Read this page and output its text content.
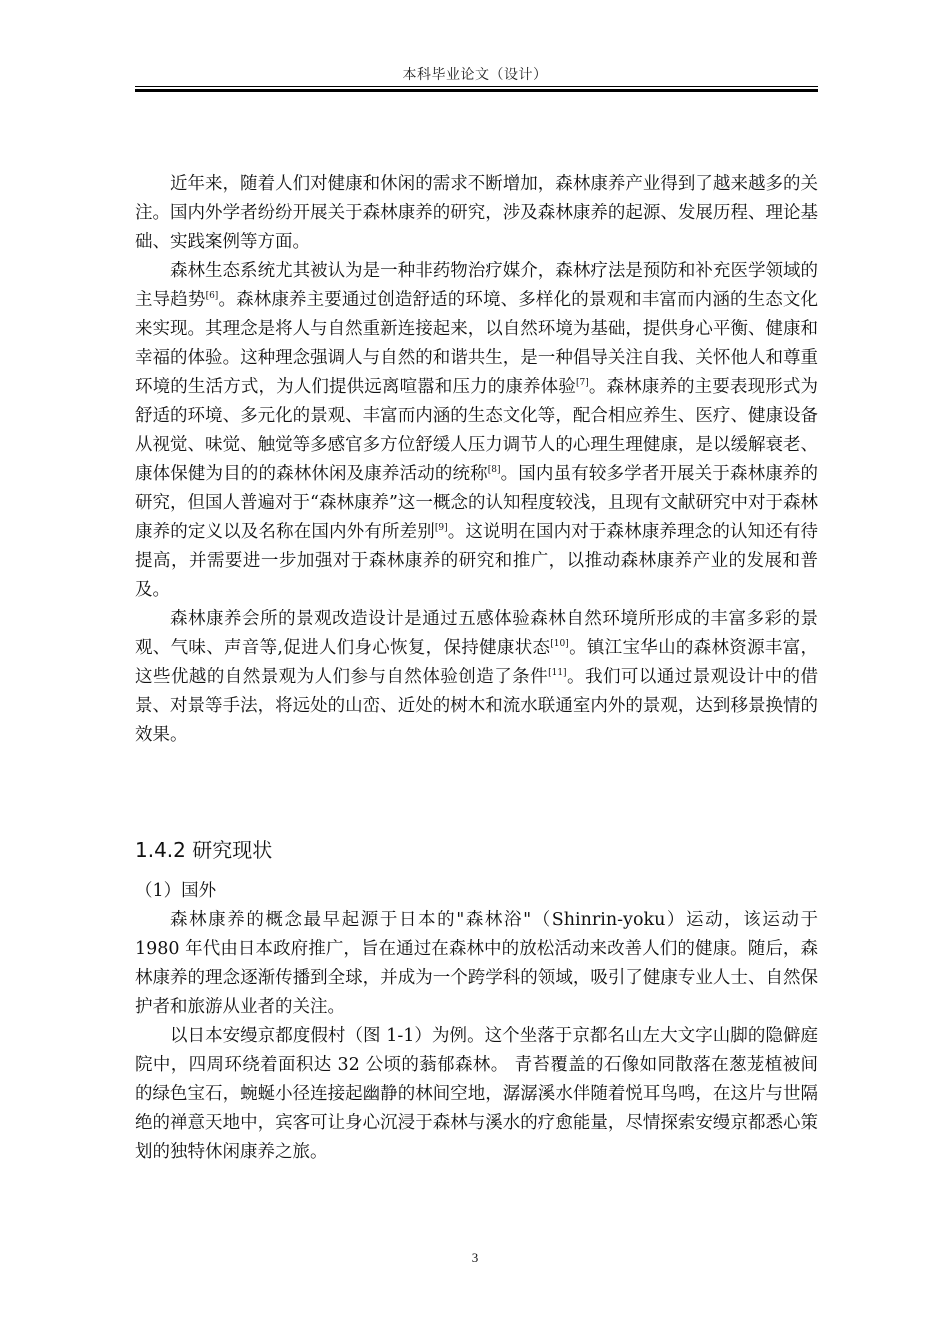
本科毕业论文（设计）

近年来，随着人们对健康和休闲的需求不断增加，森林康养产业得到了越来越多的关注。国内外学者纷纷开展关于森林康养的研究，涉及森林康养的起源、发展历程、理论基础、实践案例等方面。

森林生态系统尤其被认为是一种非药物治疗媒介，森林疗法是预防和补充医学领域的主导趋势[6]。森林康养主要通过创造舒适的环境、多样化的景观和丰富而内涵的生态文化来实现。其理念是将人与自然重新连接起来，以自然环境为基础，提供身心平衡、健康和幸福的体验。这种理念强调人与自然的和谐共生，是一种倡导关注自我、关怀他人和尊重环境的生活方式，为人们提供远离喧嚣和压力的康养体验[7]。森林康养的主要表现形式为舒适的环境、多元化的景观、丰富而内涵的生态文化等，配合相应养生、医疗、健康设备从视觉、味觉、触觉等多感官多方位舒缓人压力调节人的心理生理健康，是以缓解衰老、康体保健为目的的森林休闲及康养活动的统称[8]。国内虽有较多学者开展关于森林康养的研究，但国人普遍对于“森林康养”这一概念的认知程度较浅，且现有文献研究中对于森林康养的定义以及名称在国内外有所差别[9]。这说明在国内对于森林康养理念的认知还有待提高，并需要进一步加强对于森林康养的研究和推广，以推动森林康养产业的发展和普及。

森林康养会所的景观改造设计是通过五感体验森林自然环境所形成的丰富多彩的景观、气味、声音等,促进人们身心恢复，保持健康状态[10]。镇江宝华山的森林资源丰富，这些优越的自然景观为人们参与自然体验创造了条件[11]。我们可以通过景观设计中的借景、对景等手法，将远处的山峦、近处的树木和流水联通室内外的景观，达到移景换情的效果。

1.4.2 研究现状

（1）国外

森林康养的概念最早起源于日本的"森林浴"（Shinrin-yoku）运动，该运动于 1980 年代由日本政府推广，旨在通过在森林中的放松活动来改善人们的健康。随后，森林康养的理念逐渐传播到全球，并成为一个跨学科的领域，吸引了健康专业人士、自然保护者和旅游从业者的关注。

以日本安缦京都度假村（图 1-1）为例。这个坐落于京都名山左大文字山脚的隐僻庭院中，四周环绕着面积达 32 公顷的蓊郁森林。 青苔覆盖的石像如同散落在葱茏植被间的绿色宝石，蜿蜒小径连接起幽静的林间空地，潺潺溪水伴随着悦耳鸟鸣，在这片与世隔绝的禅意天地中，宾客可让身心沉浸于森林与溪水的疗愈能量，尽情探索安缦京都悉心策划的独特休闲康养之旅。

3
